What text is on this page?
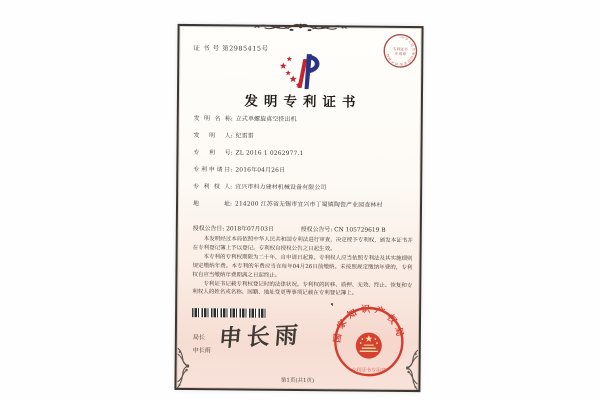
证 书 号 第2985415号
中华人民共和国国家知识产权局
专利证书
专用章
发明专利证书
发明名称 : 立式单螺旋真空挤出机
发明人 : 纪雷雷
专利号 : ZL 2016 1 0262977.1
专利申请日 : 2016年04月26日
专利权人 : 宜兴市科力建材机械设备有限公司
地址 : 214200 江苏省无锡市宜兴市丁蜀镇陶瓷产业园查林村
授权公告日: 2018年07月03日	授权公告号: CN 105729619 B

本发明经过本局依照中华人民共和国专利法进行审查，决定授予专利权，颁发本证书并在专利登记簿上予以登记。专利权自授权公告之日起生效。

本专利的专利权期限为二十年，自申请日起算。专利权人应当依照专利法及其实施细则规定缴纳年费。本专利的年费应当在每年04月26日前缴纳。未按照规定缴纳年费的，专利权自应当缴纳年费期满之日起终止。

专利证书记载专利权登记时的法律状况。专利权的转移、质押、无效、终止、恢复和专利权人的姓名或名称、国籍、地址变更等事项记载在专利登记簿上。

局长
申长雨 申长雨	国家知识产权局
专利证书专用章
第1页(共1页)
